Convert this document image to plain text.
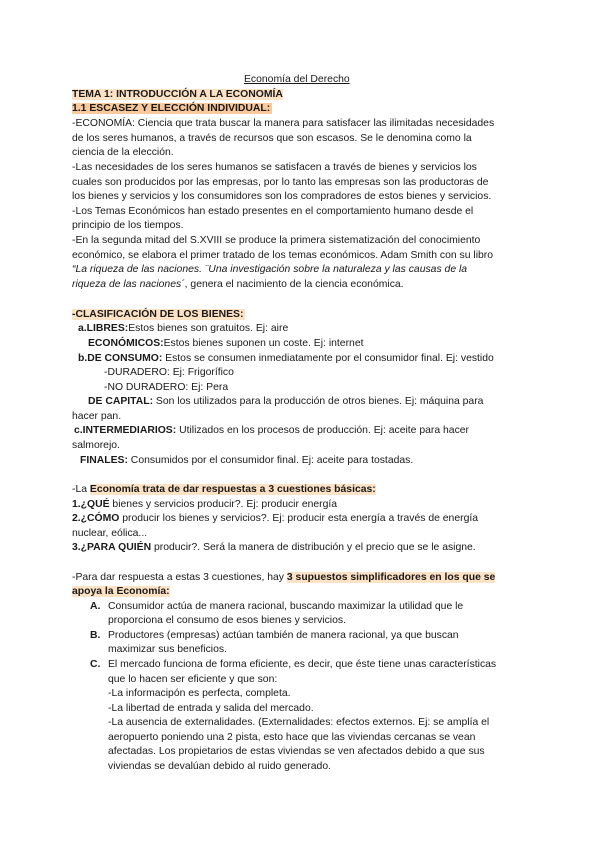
Economía del Derecho
TEMA 1: INTRODUCCIÓN A LA ECONOMÍA
1.1 ESCASEZ Y ELECCIÓN INDIVIDUAL:
-ECONOMÍA: Ciencia que trata buscar la manera para satisfacer las ilimitadas necesidades
de los seres humanos, a través de recursos que son escasos. Se le denomina como la
ciencia de la elección.
-Las necesidades de los seres humanos se satisfacen a través de bienes y servicios los
cuales son producidos por las empresas, por lo tanto las empresas son las productoras de
los bienes y servicios y los consumidores son los compradores de estos bienes y servicios.
-Los Temas Económicos han estado presentes en el comportamiento humano desde el
principio de los tiempos.
-En la segunda mitad del S.XVIII se produce la primera sistematización del conocimiento
económico, se elabora el primer tratado de los temas económicos. Adam Smith con su libro
“La riqueza de las naciones. ¨Una investigación sobre la naturaleza y las causas de la
riqueza de las naciones´, genera el nacimiento de la ciencia económica.
-CLASIFICACIÓN DE LOS BIENES:
a.LIBRES:Estos bienes son gratuitos. Ej: aire
ECONÓMICOS:Estos bienes suponen un coste. Ej: internet
b.DE CONSUMO: Estos se consumen inmediatamente por el consumidor final. Ej: vestido
-DURADERO: Ej: Frigorífico
-NO DURADERO: Ej: Pera
DE CAPITAL: Son los utilizados para la producción de otros bienes. Ej: máquina para
hacer pan.
c.INTERMEDIARIOS: Utilizados en los procesos de producción. Ej: aceite para hacer
salmorejo.
FINALES: Consumidos por el consumidor final. Ej: aceite para tostadas.
-La Economía trata de dar respuestas a 3 cuestiones básicas:
1.¿QUÉ bienes y servicios producir?. Ej: producir energía
2.¿CÓMO producir los bienes y servicios?. Ej: producir esta energía a través de energía
nuclear, eólica...
3.¿PARA QUIÉN producir?. Será la manera de distribución y el precio que se le asigne.
-Para dar respuesta a estas 3 cuestiones, hay 3 supuestos simplificadores en los que se
apoya la Economía:
A. Consumidor actúa de manera racional, buscando maximizar la utilidad que le
proporciona el consumo de esos bienes y servicios.
B. Productores (empresas) actúan también de manera racional, ya que buscan
maximizar sus beneficios.
C. El mercado funciona de forma eficiente, es decir, que éste tiene unas características
que lo hacen ser eficiente y que son:
-La informacipón es perfecta, completa.
-La libertad de entrada y salida del mercado.
-La ausencia de externalidades. (Externalidades: efectos externos. Ej: se amplía el
aeropuerto poniendo una 2 pista, esto hace que las viviendas cercanas se vean
afectadas. Los propietarios de estas viviendas se ven afectados debido a que sus
viviendas se devalúan debido al ruido generado.
